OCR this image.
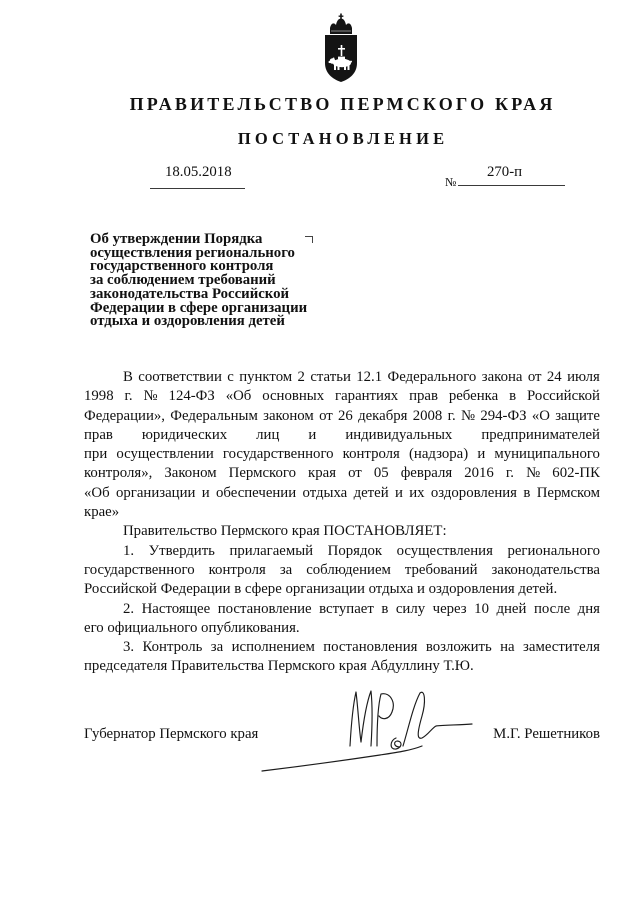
ПРАВИТЕЛЬСТВО ПЕРМСКОГО КРАЯ
ПОСТАНОВЛЕНИЕ
18.05.2018
№
270-п
Об утверждении Порядка
осуществления регионального
государственного контроля
за соблюдением требований
законодательства Российской
Федерации в сфере организации
отдыха и оздоровления детей
В соответствии с пунктом 2 статьи 12.1 Федерального закона от 24 июля
1998 г. № 124-ФЗ «Об основных гарантиях прав ребенка в Российской
Федерации», Федеральным законом от 26 декабря 2008 г. № 294-ФЗ «О защите
прав юридических лиц и индивидуальных предпринимателей
при осуществлении государственного контроля (надзора) и муниципального
контроля», Законом Пермского края от 05 февраля 2016 г. № 602-ПК
«Об организации и обеспечении отдыха детей и их оздоровления в Пермском
крае»
Правительство Пермского края ПОСТАНОВЛЯЕТ:
1. Утвердить прилагаемый Порядок осуществления регионального
государственного контроля за соблюдением требований законодательства
Российской Федерации в сфере организации отдыха и оздоровления детей.
2. Настоящее постановление вступает в силу через 10 дней после дня
его официального опубликования.
3. Контроль за исполнением постановления возложить на заместителя
председателя Правительства Пермского края Абдуллину Т.Ю.
Губернатор Пермского края	М.Г. Решетников
